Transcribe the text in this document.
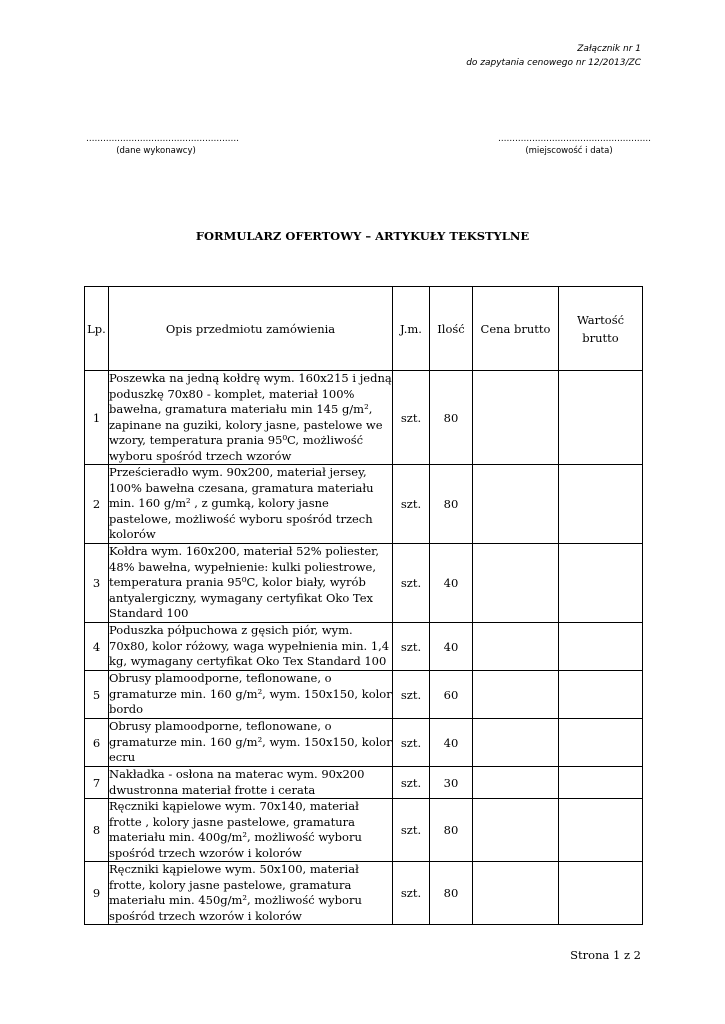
Załącznik nr 1
do zapytania cenowego nr 12/2013/ZC
………………………………………………
(dane wykonawcy)
………………………………………………
(miejscowość i data)
FORMULARZ OFERTOWY – ARTYKUŁY TEKSTYLNE
Lp.	Opis przedmiotu zamówienia	J.m.	Ilość	Cena brutto	Wartość brutto
1	Poszewka na jedną kołdrę wym. 160x215 i jedną poduszkę 70x80 - komplet, materiał 100% bawełna, gramatura materiału min 145 g/m², zapinane na guziki, kolory jasne, pastelowe we wzory, temperatura prania 95⁰C, możliwość wyboru spośród trzech wzorów	szt.	80		
2	Prześcieradło wym. 90x200, materiał jersey, 100% bawełna czesana, gramatura materiału min. 160 g/m² , z gumką, kolory jasne pastelowe, możliwość wyboru spośród trzech kolorów	szt.	80		
3	Kołdra wym. 160x200, materiał 52% poliester, 48% bawełna, wypełnienie: kulki poliestrowe, temperatura prania 95⁰C, kolor biały, wyrób antyalergiczny, wymagany certyfikat Oko Tex Standard 100	szt.	40		
4	Poduszka półpuchowa z gęsich piór, wym. 70x80, kolor różowy, waga wypełnienia min. 1,4 kg, wymagany certyfikat Oko Tex Standard 100	szt.	40		
5	Obrusy plamoodporne, teflonowane, o gramaturze min. 160 g/m², wym. 150x150, kolor bordo	szt.	60		
6	Obrusy plamoodporne, teflonowane, o gramaturze min. 160 g/m², wym. 150x150, kolor ecru	szt.	40		
7	Nakładka - osłona na materac wym. 90x200 dwustronna materiał frotte i cerata	szt.	30		
8	Ręczniki kąpielowe wym. 70x140, materiał frotte , kolory jasne pastelowe, gramatura materiału min. 400g/m², możliwość wyboru spośród trzech wzorów i kolorów	szt.	80		
9	Ręczniki kąpielowe wym. 50x100, materiał frotte, kolory jasne pastelowe, gramatura materiału min. 450g/m², możliwość wyboru spośród trzech wzorów i kolorów	szt.	80		
Strona 1 z 2
